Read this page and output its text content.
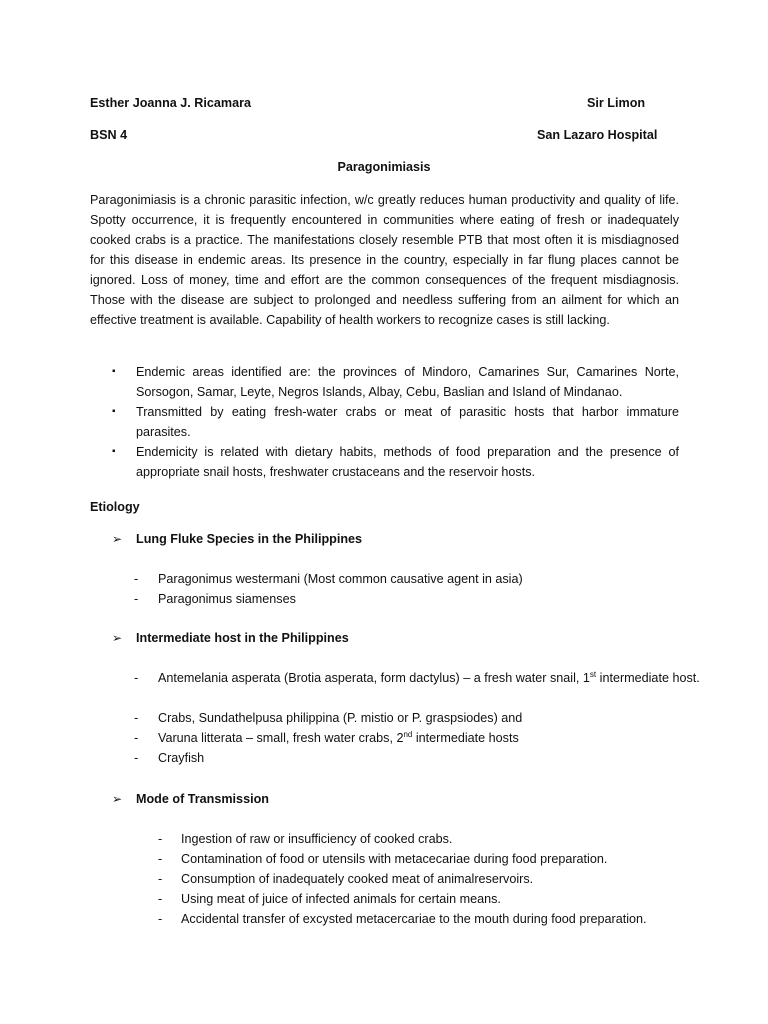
Esther Joanna J. Ricamara	Sir Limon
BSN 4	San Lazaro Hospital
Paragonimiasis

Paragonimiasis is a chronic parasitic infection, w/c greatly reduces human productivity and quality of life. Spotty occurrence, it is frequently encountered in communities where eating of fresh or inadequately cooked crabs is a practice. The manifestations closely resemble PTB that most often it is misdiagnosed for this disease in endemic areas. Its presence in the country, especially in far flung places cannot be ignored. Loss of money, time and effort are the common consequences of the frequent misdiagnosis. Those with the disease are subject to prolonged and needless suffering from an ailment for which an effective treatment is available. Capability of health workers to recognize cases is still lacking.

▪ Endemic areas identified are: the provinces of Mindoro, Camarines Sur, Camarines Norte, Sorsogon, Samar, Leyte, Negros Islands, Albay, Cebu, Baslian and Island of Mindanao.
▪ Transmitted by eating fresh-water crabs or meat of parasitic hosts that harbor immature parasites.
▪ Endemicity is related with dietary habits, methods of food preparation and the presence of appropriate snail hosts, freshwater crustaceans and the reservoir hosts.
Etiology
➢ Lung Fluke Species in the Philippines
- Paragonimus westermani (Most common causative agent in asia)
- Paragonimus siamenses
➢ Intermediate host in the Philippines
- Antemelania asperata (Brotia asperata, form dactylus) – a fresh water snail, 1st intermediate host.
- Crabs, Sundathelpusa philippina (P. mistio or P. graspsiodes) and
- Varuna litterata – small, fresh water crabs, 2nd intermediate hosts
- Crayfish
➢ Mode of Transmission
- Ingestion of raw or insufficiency of cooked crabs.
- Contamination of food or utensils with metacecariae during food preparation.
- Consumption of inadequately cooked meat of animalreservoirs.
- Using meat of juice of infected animals for certain means.
- Accidental transfer of excysted metacercariae to the mouth during food preparation.
